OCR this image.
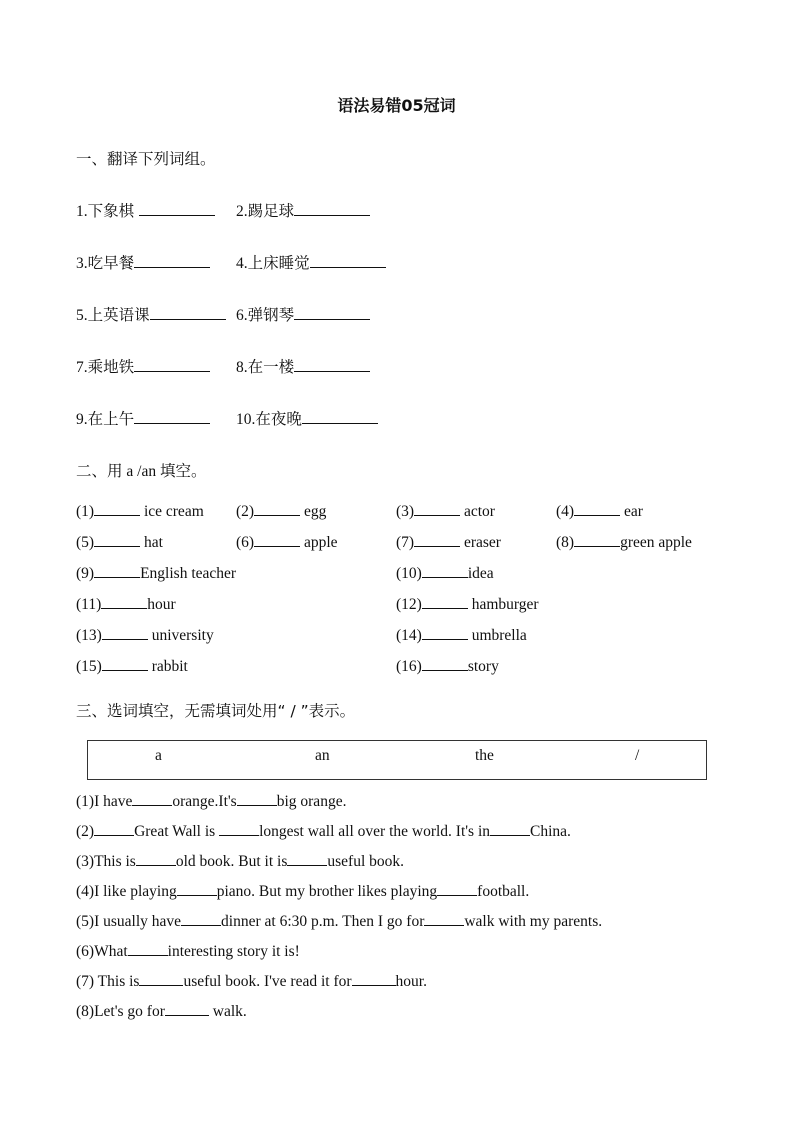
语法易错05冠词
一、翻译下列词组。
1.下象棋	2.踢足球
3.吃早餐	4.上床睡觉
5.上英语课	6.弹钢琴
7.乘地铁	8.在一楼
9.在上午	10.在夜晚
二、用 a /an 填空。
(1)	ice cream (2)	egg	(3)	actor	(4)	ear
(5)	hat	(6)	apple	(7)	eraser	(8)	green apple
(9)	English teacher	(10)	idea
(11)	hour	(12)	hamburger
(13)	university	(14)	umbrella
(15)	rabbit	(16)	story
三、选词填空，无需填词处用“ / ”表示。
a	an	the	/
(1)I have	orange.It's	big orange.
(2)	Great Wall is	longest wall all over the world. It's in	China.
(3)This is	old book. But it is	useful book.
(4)I like playing	piano. But my brother likes playing	football.
(5)I usually have	dinner at 6:30 p.m. Then I go for	walk with my parents.
(6)What	interesting story it is!
(7) This is	useful book. I've read it for	hour.
(8)Let's go for	walk.
